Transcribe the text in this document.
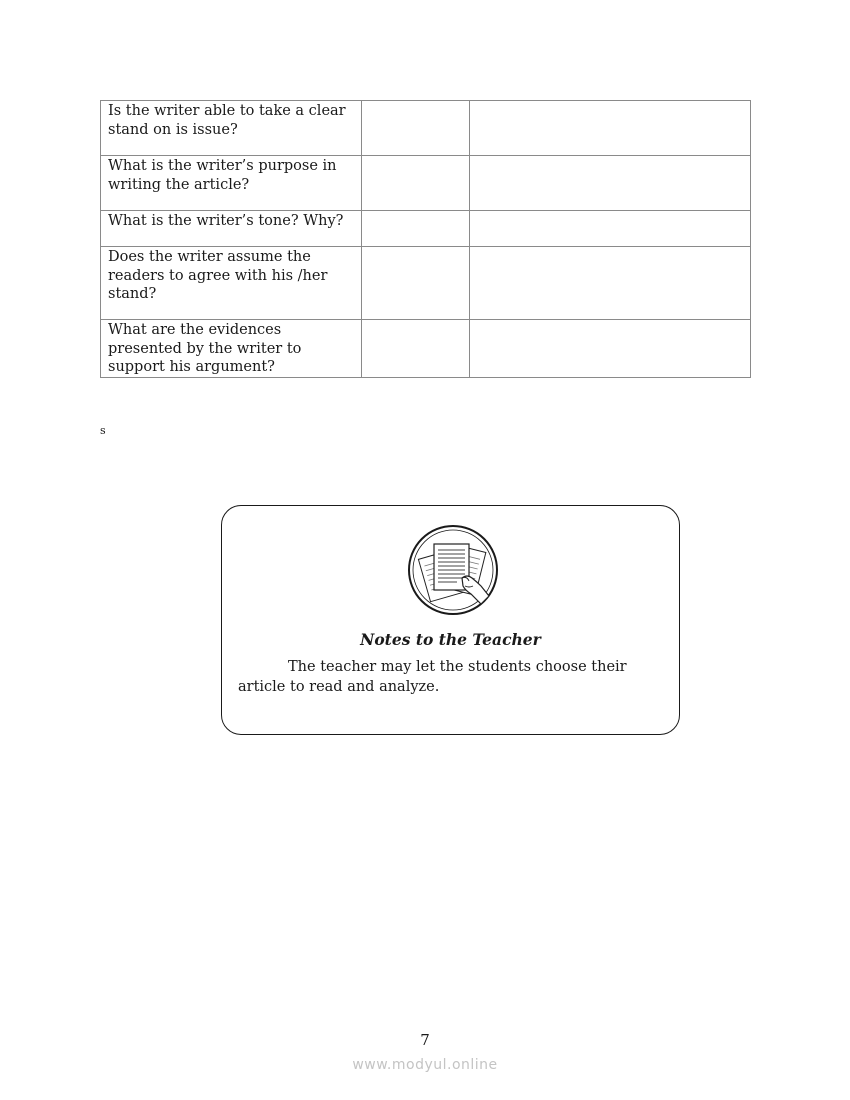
Is the writer able to take a clear stand on is issue?		
What is the writer’s purpose in writing the article?		
What is the writer’s tone? Why?		
Does the writer assume the readers to agree with his /her stand?		
What are the evidences presented by the writer to support his argument?		
s
Notes to the Teacher
The teacher may let the students choose their article to read and analyze.
7
www.modyul.online
